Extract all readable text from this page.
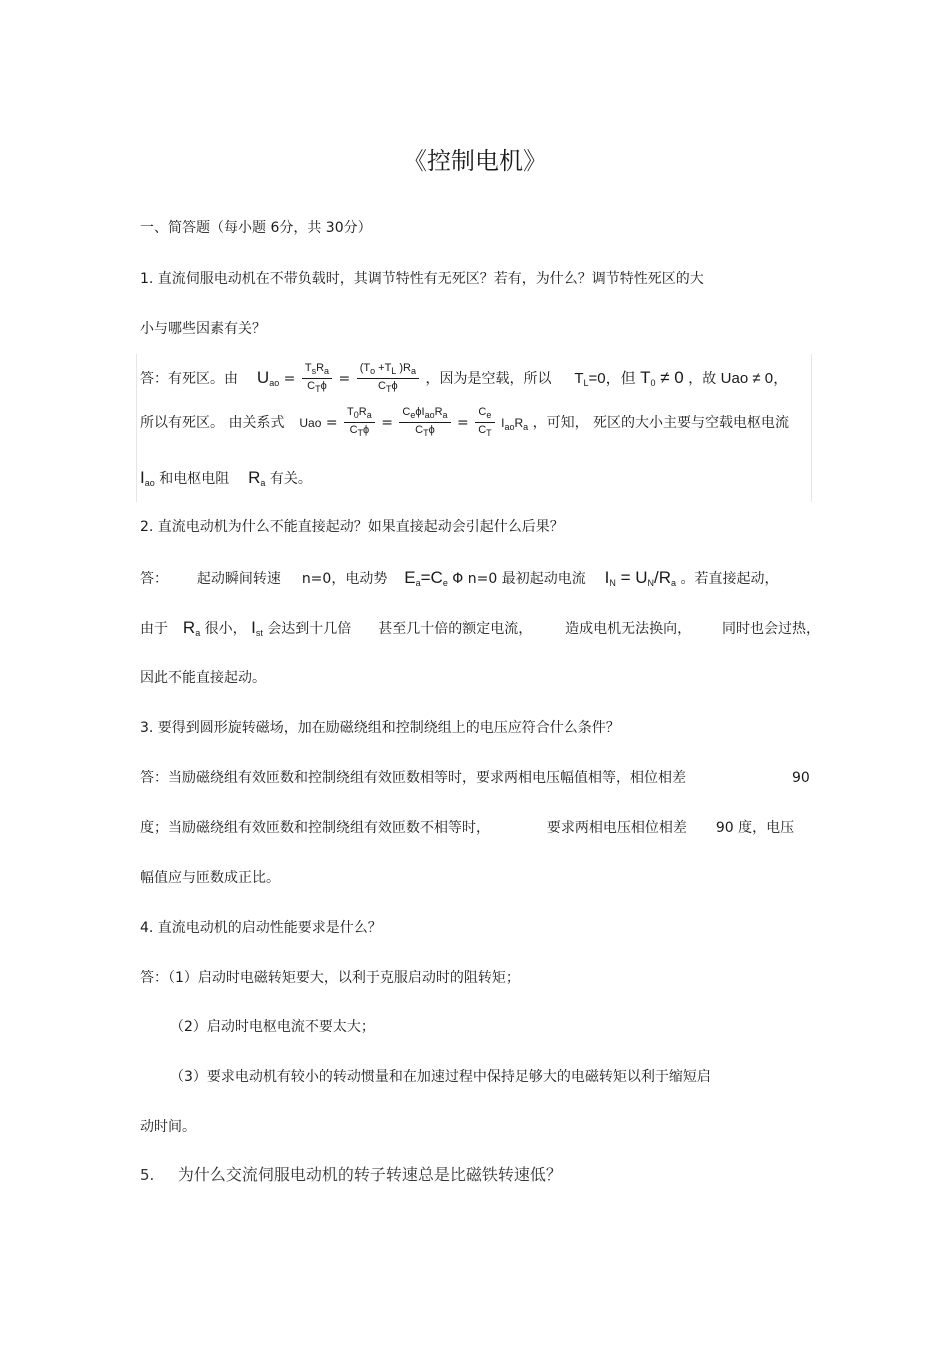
《控制电机》
一、简答题（每小题 6分，共 30分）
1. 直流伺服电动机在不带负载时，其调节特性有无死区？若有，为什么？调节特性死区的大
小与哪些因素有关？
答：有死区。由 $U_{ao} = \frac{T_sR_a}{C_T\phi} = \frac{(T_o +T_L )R_a}{C_T\phi}$ ，因为是空载，所以 $T_L=0$，但 $T_0 \ne 0$ ，故 Uao ≠ 0，
所以有死区。 由关系式 Uao = $\frac{T_0R_a}{C_T\phi} = \frac{C_e\phi I_{ao}R_a}{C_T\phi} = \frac{C_e}{C_T} I_{ao}R_a$ ，可知， 死区的大小主要与空载电枢电流
$I_{ao}$ 和电枢电阻 $R_a$ 有关。
2. 直流电动机为什么不能直接起动？如果直接起动会引起什么后果？
答： 起动瞬间转速 n=0，电动势 $E_a=C_e$ Φ n=0 最初起动电流 $I_N = U_N/R_a$ 。若直接起动，
由于 $R_a$ 很小， $I_{st}$ 会达到十几倍 甚至几十倍的额定电流， 造成电机无法换向， 同时也会过热，
因此不能直接起动。
3. 要得到圆形旋转磁场，加在励磁绕组和控制绕组上的电压应符合什么条件？
答：当励磁绕组有效匝数和控制绕组有效匝数相等时，要求两相电压幅值相等，相位相差	90
度；当励磁绕组有效匝数和控制绕组有效匝数不相等时，	要求两相电压相位相差 90 度，电压
幅值应与匝数成正比。
4. 直流电动机的启动性能要求是什么？
答：（1）启动时电磁转矩要大，以利于克服启动时的阻转矩；
（2）启动时电枢电流不要太大；
（3）要求电动机有较小的转动惯量和在加速过程中保持足够大的电磁转矩以利于缩短启
动时间。
5. 为什么交流伺服电动机的转子转速总是比磁铁转速低？
